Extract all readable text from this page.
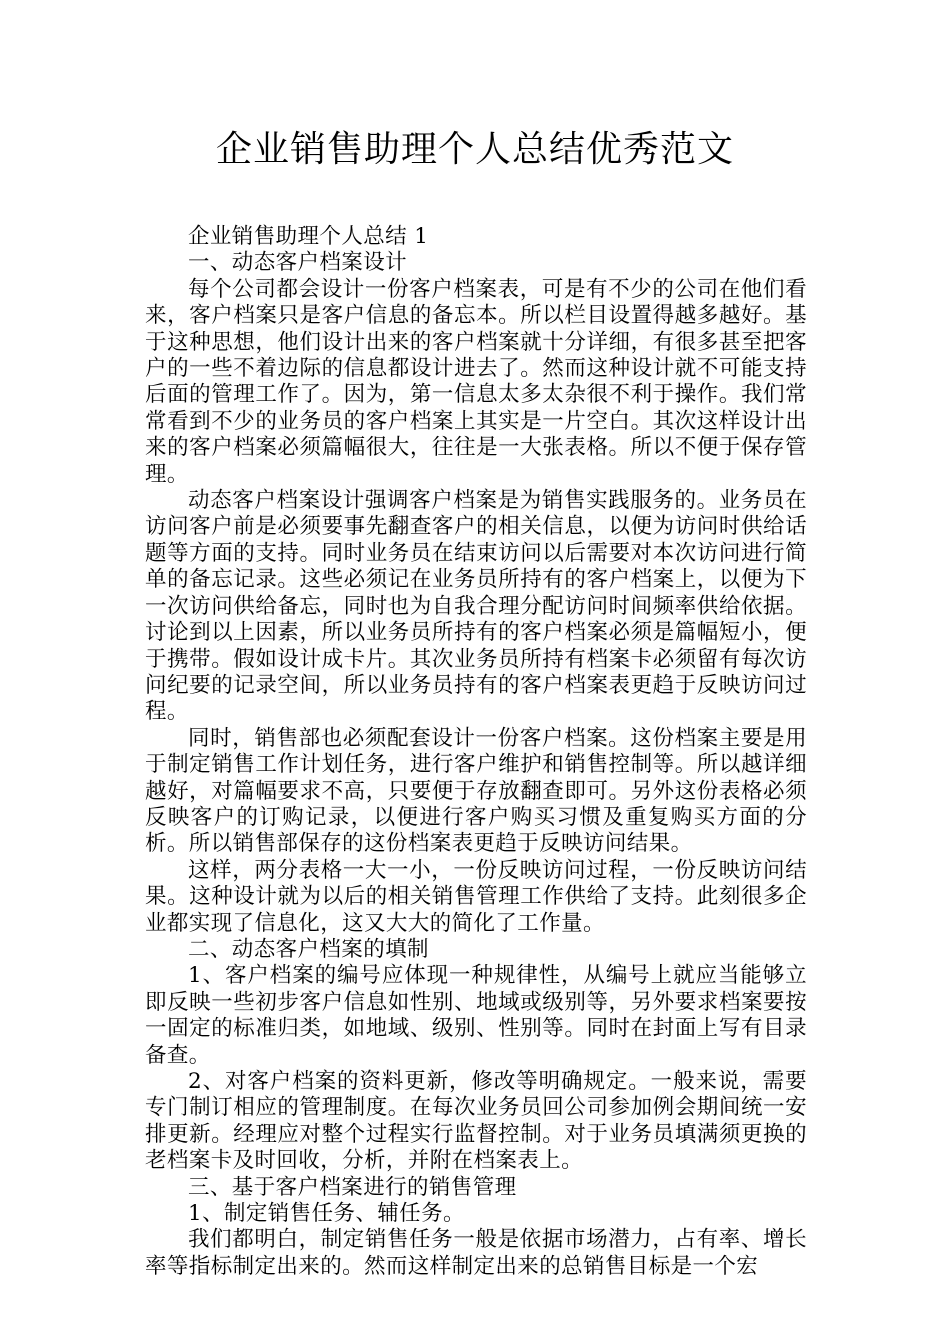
企业销售助理个人总结优秀范文

企业销售助理个人总结 1

一、动态客户档案设计

每个公司都会设计一份客户档案表，可是有不少的公司在他们看来，客户档案只是客户信息的备忘本。所以栏目设置得越多越好。基于这种思想，他们设计出来的客户档案就十分详细，有很多甚至把客户的一些不着边际的信息都设计进去了。然而这种设计就不可能支持后面的管理工作了。因为，第一信息太多太杂很不利于操作。我们常常看到不少的业务员的客户档案上其实是一片空白。其次这样设计出来的客户档案必须篇幅很大，往往是一大张表格。所以不便于保存管理。

动态客户档案设计强调客户档案是为销售实践服务的。业务员在访问客户前是必须要事先翻查客户的相关信息，以便为访问时供给话题等方面的支持。同时业务员在结束访问以后需要对本次访问进行简单的备忘记录。这些必须记在业务员所持有的客户档案上，以便为下一次访问供给备忘，同时也为自我合理分配访问时间频率供给依据。讨论到以上因素，所以业务员所持有的客户档案必须是篇幅短小，便于携带。假如设计成卡片。其次业务员所持有档案卡必须留有每次访问纪要的记录空间，所以业务员持有的客户档案表更趋于反映访问过程。

同时，销售部也必须配套设计一份客户档案。这份档案主要是用于制定销售工作计划任务，进行客户维护和销售控制等。所以越详细越好，对篇幅要求不高，只要便于存放翻查即可。另外这份表格必须反映客户的订购记录，以便进行客户购买习惯及重复购买方面的分析。所以销售部保存的这份档案表更趋于反映访问结果。

这样，两分表格一大一小，一份反映访问过程，一份反映访问结果。这种设计就为以后的相关销售管理工作供给了支持。此刻很多企业都实现了信息化，这又大大的简化了工作量。

二、动态客户档案的填制

1、客户档案的编号应体现一种规律性，从编号上就应当能够立即反映一些初步客户信息如性别、地域或级别等，另外要求档案要按一固定的标准归类，如地域、级别、性别等。同时在封面上写有目录备查。

2、对客户档案的资料更新，修改等明确规定。一般来说，需要专门制订相应的管理制度。在每次业务员回公司参加例会期间统一安排更新。经理应对整个过程实行监督控制。对于业务员填满须更换的老档案卡及时回收，分析，并附在档案表上。

三、基于客户档案进行的销售管理

1、制定销售任务、辅任务。

我们都明白，制定销售任务一般是依据市场潜力，占有率、增长率等指标制定出来的。然而这样制定出来的总销售目标是一个宏
